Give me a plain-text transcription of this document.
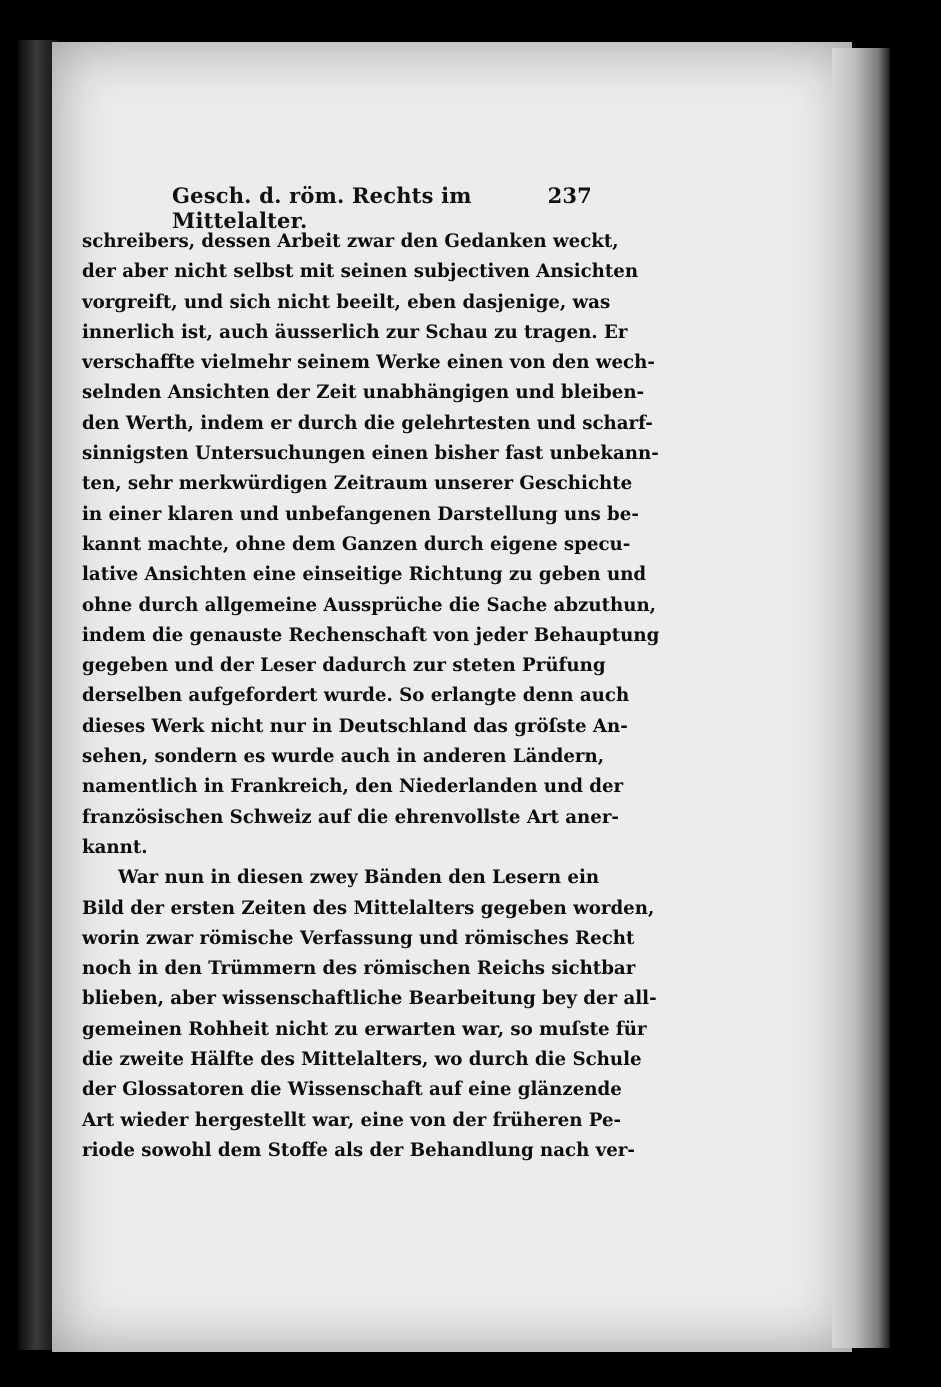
Gesch. d. röm. Rechts im Mittelalter.
237
schreibers, dessen Arbeit zwar den Gedanken weckt,
der aber nicht selbst mit seinen subjectiven Ansichten
vorgreift, und sich nicht beeilt, eben dasjenige, was
innerlich ist, auch äusserlich zur Schau zu tragen. Er
verschaffte vielmehr seinem Werke einen von den wech-
selnden Ansichten der Zeit unabhängigen und bleiben-
den Werth, indem er durch die gelehrtesten und scharf-
sinnigsten Untersuchungen einen bisher fast unbekann-
ten, sehr merkwürdigen Zeitraum unserer Geschichte
in einer klaren und unbefangenen Darstellung uns be-
kannt machte, ohne dem Ganzen durch eigene specu-
lative Ansichten eine einseitige Richtung zu geben und
ohne durch allgemeine Aussprüche die Sache abzuthun,
indem die genauste Rechenschaft von jeder Behauptung
gegeben und der Leser dadurch zur steten Prüfung
derselben aufgefordert wurde. So erlangte denn auch
dieses Werk nicht nur in Deutschland das gröſste An-
sehen, sondern es wurde auch in anderen Ländern,
namentlich in Frankreich, den Niederlanden und der
französischen Schweiz auf die ehrenvollste Art aner-
kannt.
War nun in diesen zwey Bänden den Lesern ein
Bild der ersten Zeiten des Mittelalters gegeben worden,
worin zwar römische Verfassung und römisches Recht
noch in den Trümmern des römischen Reichs sichtbar
blieben, aber wissenschaftliche Bearbeitung bey der all-
gemeinen Rohheit nicht zu erwarten war, so muſste für
die zweite Hälfte des Mittelalters, wo durch die Schule
der Glossatoren die Wissenschaft auf eine glänzende
Art wieder hergestellt war, eine von der früheren Pe-
riode sowohl dem Stoffe als der Behandlung nach ver-
